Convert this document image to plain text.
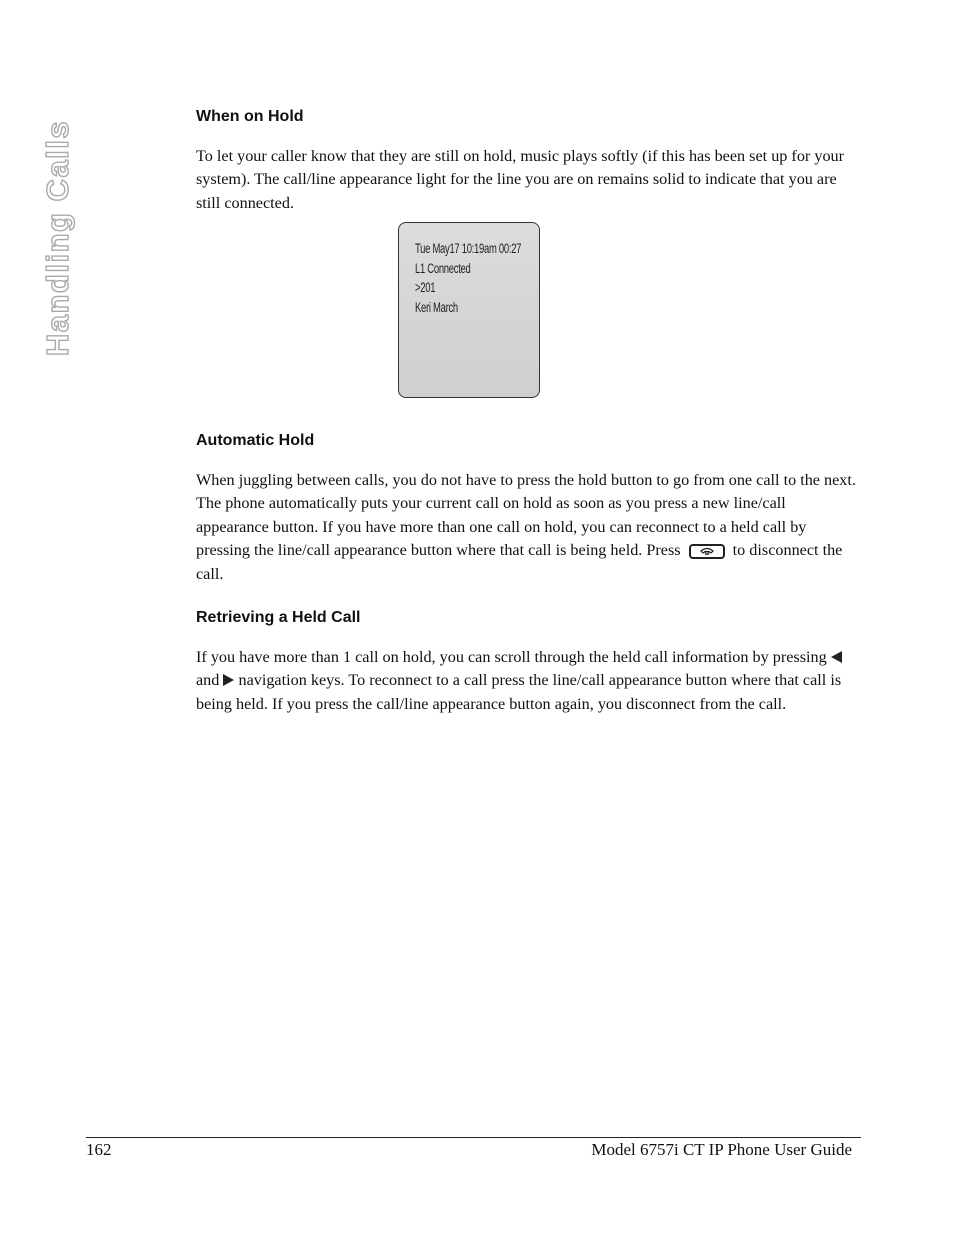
Handling Calls
When on Hold

To let your caller know that they are still on hold, music plays softly (if this has been set up for your system). The call/line appearance light for the line you are on remains solid to indicate that you are still connected.

Tue May17 10:19am 00:27
L1 Connected
>201
Keri March
Automatic Hold

When juggling between calls, you do not have to press the hold button to go from one call to the next. The phone automatically puts your current call on hold as soon as you press a new line/call appearance button. If you have more than one call on hold, you can reconnect to a held call by pressing the line/call appearance button where that call is being held. Press	to disconnect the call.

Retrieving a Held Call

If you have more than 1 call on hold, you can scroll through the held call information by pressing  and navigation keys. To reconnect to a call press the line/call appearance button where that call is being held. If you press the call/line appearance button again, you disconnect from the call.

162	Model 6757i CT IP Phone User Guide
